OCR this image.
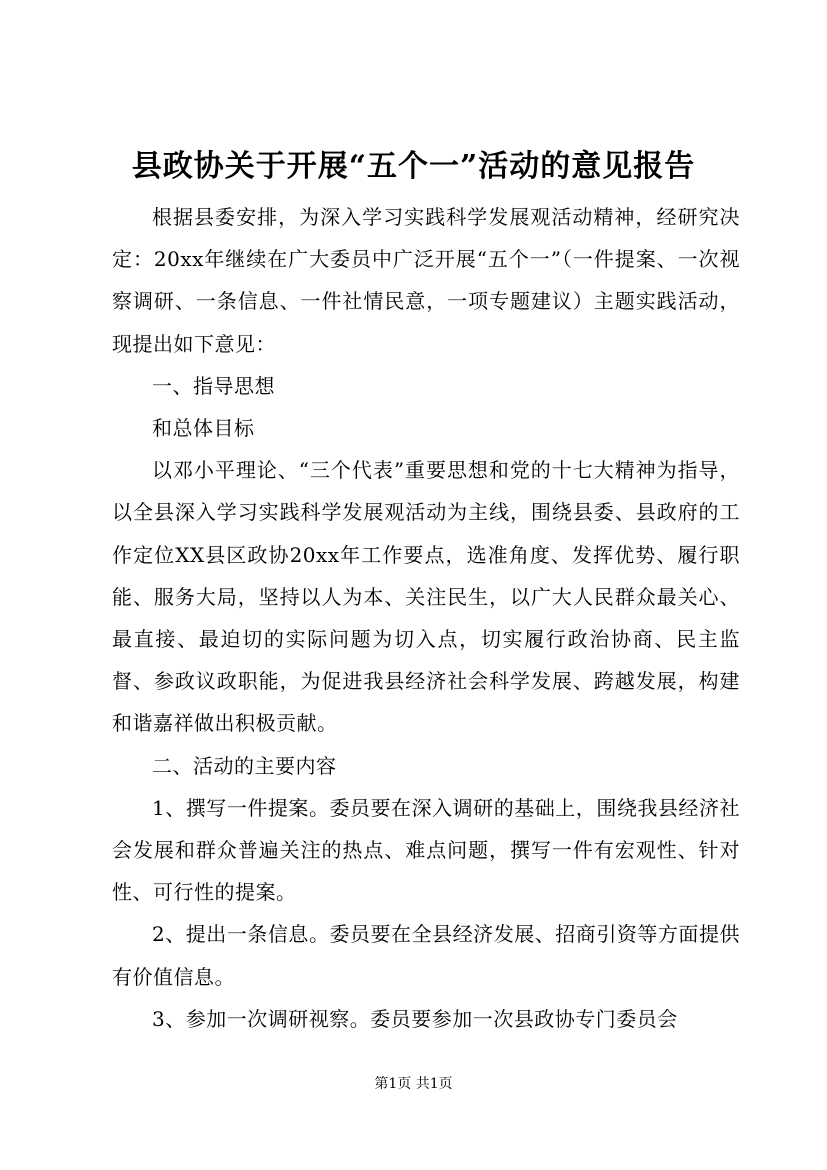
县政协关于开展“五个一”活动的意见报告

根据县委安排，为深入学习实践科学发展观活动精神，经研究决定：20xx年继续在广大委员中广泛开展“五个一”（一件提案、一次视察调研、一条信息、一件社情民意，一项专题建议）主题实践活动，现提出如下意见：

一、指导思想

和总体目标

以邓小平理论、“三个代表”重要思想和党的十七大精神为指导，以全县深入学习实践科学发展观活动为主线，围绕县委、县政府的工作定位XX县区政协20xx年工作要点，选准角度、发挥优势、履行职能、服务大局，坚持以人为本、关注民生，以广大人民群众最关心、最直接、最迫切的实际问题为切入点，切实履行政治协商、民主监督、参政议政职能，为促进我县经济社会科学发展、跨越发展，构建和谐嘉祥做出积极贡献。

二、活动的主要内容

1、撰写一件提案。委员要在深入调研的基础上，围绕我县经济社会发展和群众普遍关注的热点、难点问题，撰写一件有宏观性、针对性、可行性的提案。

2、提出一条信息。委员要在全县经济发展、招商引资等方面提供有价值信息。

3、参加一次调研视察。委员要参加一次县政协专门委员会

第1页 共1页
